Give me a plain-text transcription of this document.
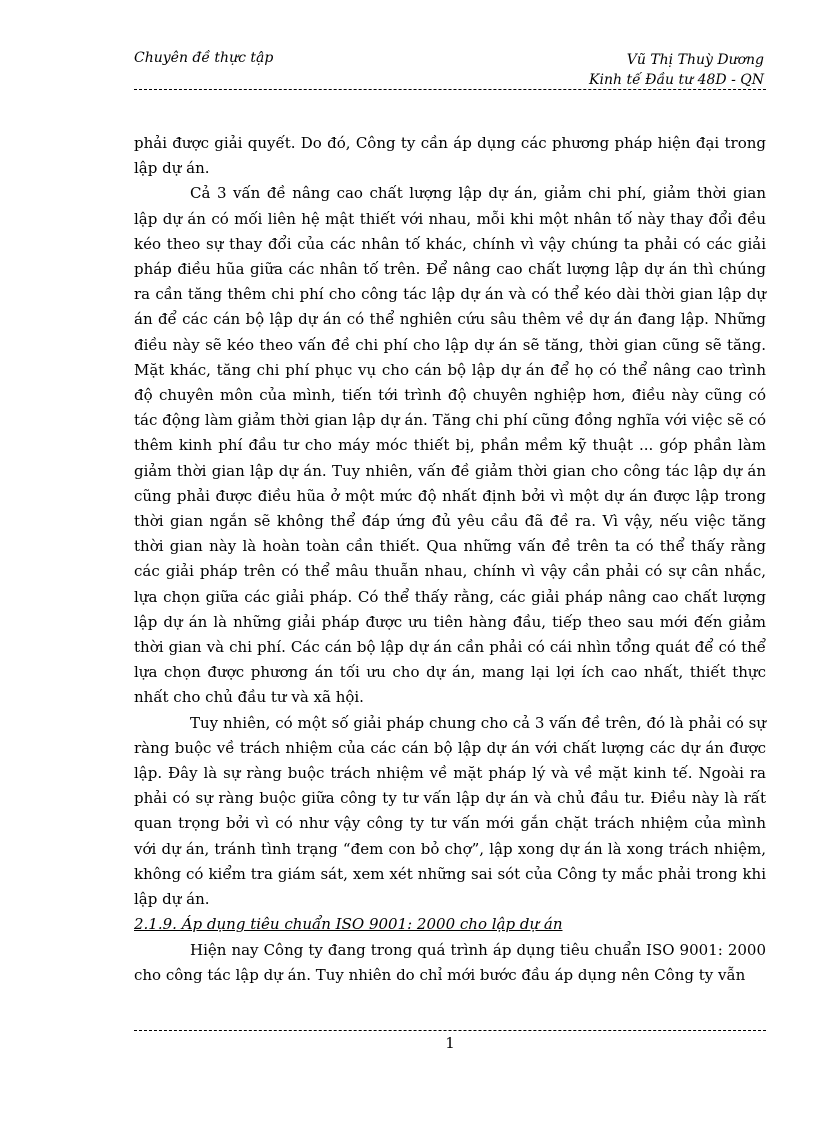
Chuyên đề thực tập	Vũ Thị Thuỳ Dương
Kinh tế Đầu tư 48D - QN

phải được giải quyết. Do đó, Công ty cần áp dụng các phương pháp hiện đại trong lập dự án.

Cả 3 vấn đề nâng cao chất lượng lập dự án, giảm chi phí, giảm thời gian lập dự án có mối liên hệ mật thiết với nhau, mỗi khi một nhân tố này thay đổi đều kéo theo sự thay đổi của các nhân tố khác, chính vì vậy chúng ta phải có các giải pháp điều hũa giữa các nhân tố trên. Để nâng cao chất lượng lập dự án thì chúng ra cần tăng thêm chi phí cho công tác lập dự án và có thể kéo dài thời gian lập dự án để các cán bộ lập dự án có thể nghiên cứu sâu thêm về dự án đang lập. Những điều này sẽ kéo theo vấn đề chi phí cho lập dự án sẽ tăng, thời gian cũng sẽ tăng. Mặt khác, tăng chi phí phục vụ cho cán bộ lập dự án để họ có thể nâng cao trình độ chuyên môn của mình, tiến tới trình độ chuyên nghiệp hơn, điều này cũng có tác động làm giảm thời gian lập dự án. Tăng chi phí cũng đồng nghĩa với việc sẽ có thêm kinh phí đầu tư cho máy móc thiết bị, phần mềm kỹ thuật ... góp phần làm giảm thời gian lập dự án. Tuy nhiên, vấn đề giảm thời gian cho công tác lập dự án cũng phải được điều hũa ở một mức độ nhất định bởi vì một dự án được lập trong thời gian ngắn sẽ không thể đáp ứng đủ yêu cầu đã đề ra. Vì vậy, nếu việc tăng thời gian này là hoàn toàn cần thiết. Qua những vấn đề trên ta có thể thấy rằng các giải pháp trên có thể mâu thuẫn nhau, chính vì vậy cần phải có sự cân nhắc, lựa chọn giữa các giải pháp. Có thể thấy rằng, các giải pháp nâng cao chất lượng lập dự án là những giải pháp được ưu tiên hàng đầu, tiếp theo sau mới đến giảm thời gian và chi phí. Các cán bộ lập dự án cần phải có cái nhìn tổng quát để có thể lựa chọn được phương án tối ưu cho dự án, mang lại lợi ích cao nhất, thiết thực nhất cho chủ đầu tư và xã hội.

Tuy nhiên, có một số giải pháp chung cho cả 3 vấn đề trên, đó là phải có sự ràng buộc về trách nhiệm của các cán bộ lập dự án với chất lượng các dự án được lập. Đây là sự ràng buộc trách nhiệm về mặt pháp lý và về mặt kinh tế. Ngoài ra phải có sự ràng buộc giữa công ty tư vấn lập dự án và chủ đầu tư. Điều này là rất quan trọng bởi vì có như vậy công ty tư vấn mới gắn chặt trách nhiệm của mình với dự án, tránh tình trạng “đem con bỏ chợ”, lập xong dự án là xong trách nhiệm, không có kiểm tra giám sát, xem xét những sai sót của Công ty mắc phải trong khi lập dự án.

2.1.9. Áp dụng tiêu chuẩn ISO 9001: 2000 cho lập dự án

Hiện nay Công ty đang trong quá trình áp dụng tiêu chuẩn ISO 9001: 2000 cho công tác lập dự án. Tuy nhiên do chỉ mới bước đầu áp dụng nên Công ty vẫn

1
